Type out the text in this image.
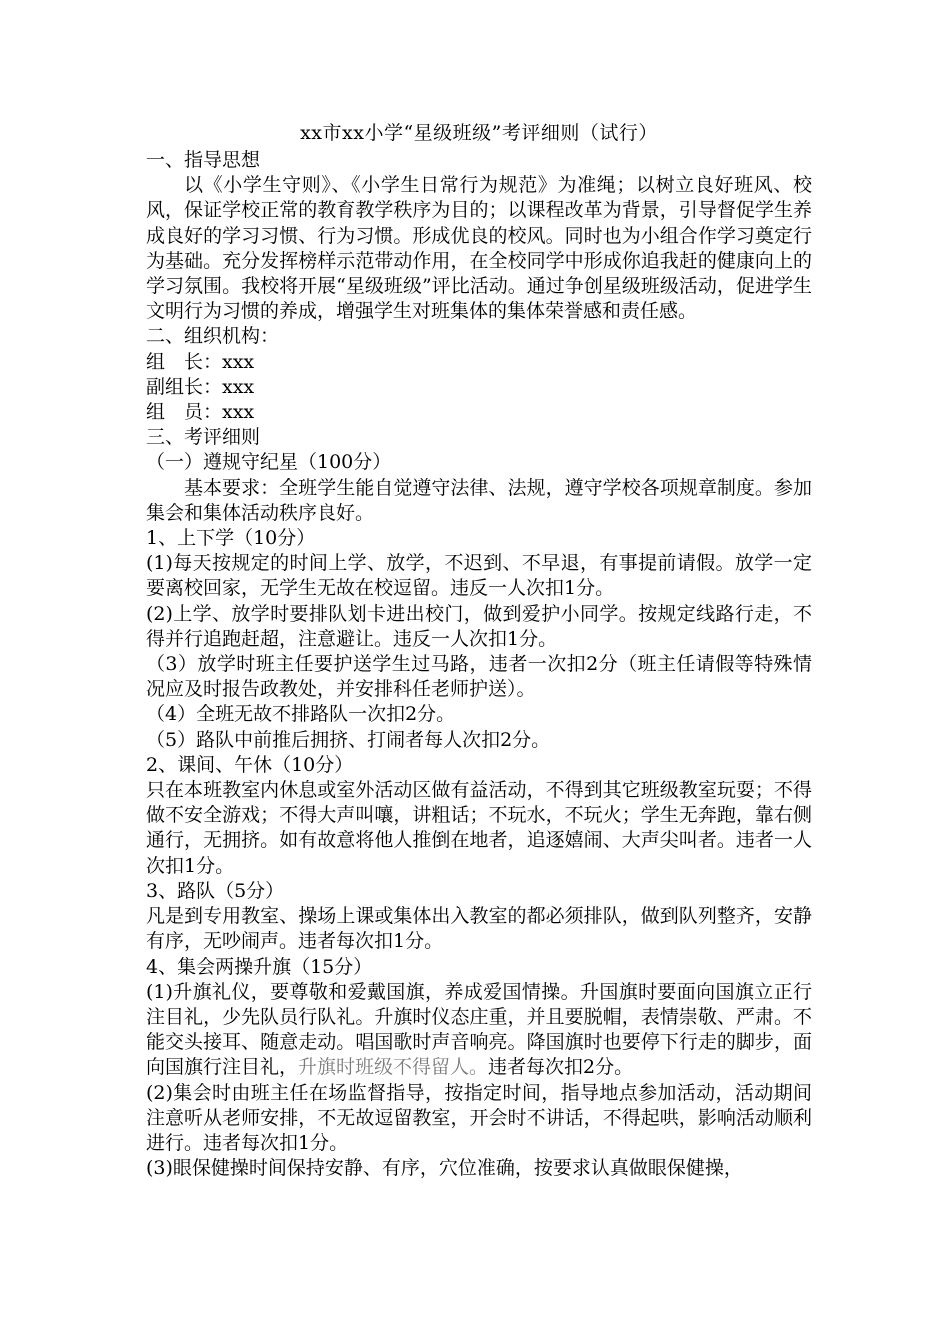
xx市xx小学“星级班级”考评细则（试行）
一、指导思想

以《小学生守则》、《小学生日常行为规范》为准绳；以树立良好班风、校风，保证学校正常的教育教学秩序为目的；以课程改革为背景，引导督促学生养成良好的学习习惯、行为习惯。形成优良的校风。同时也为小组合作学习奠定行为基础。充分发挥榜样示范带动作用，在全校同学中形成你追我赶的健康向上的学习氛围。我校将开展“星级班级”评比活动。通过争创星级班级活动，促进学生文明行为习惯的养成，增强学生对班集体的集体荣誉感和责任感。

二、组织机构：
组　长：xxx
副组长：xxx
组　员：xxx
三、考评细则
（一）遵规守纪星（100分）

基本要求：全班学生能自觉遵守法律、法规，遵守学校各项规章制度。参加集会和集体活动秩序良好。

1、上下学（10分）

(1)每天按规定的时间上学、放学，不迟到、不早退，有事提前请假。放学一定要离校回家，无学生无故在校逗留。违反一人次扣1分。

(2)上学、放学时要排队划卡进出校门，做到爱护小同学。按规定线路行走，不得并行追跑赶超，注意避让。违反一人次扣1分。

（3）放学时班主任要护送学生过马路，违者一次扣2分（班主任请假等特殊情况应及时报告政教处，并安排科任老师护送）。

（4）全班无故不排路队一次扣2分。

（5）路队中前推后拥挤、打闹者每人次扣2分。

2、课间、午休（10分）

只在本班教室内休息或室外活动区做有益活动，不得到其它班级教室玩耍；不得做不安全游戏；不得大声叫嚷，讲粗话；不玩水，不玩火；学生无奔跑，靠右侧通行，无拥挤。如有故意将他人推倒在地者，追逐嬉闹、大声尖叫者。违者一人次扣1分。

3、路队（5分）

凡是到专用教室、操场上课或集体出入教室的都必须排队，做到队列整齐，安静有序，无吵闹声。违者每次扣1分。

4、集会两操升旗（15分）

(1)升旗礼仪，要尊敬和爱戴国旗，养成爱国情操。升国旗时要面向国旗立正行注目礼，少先队员行队礼。升旗时仪态庄重，并且要脱帽，表情崇敬、严肃。不能交头接耳、随意走动。唱国歌时声音响亮。降国旗时也要停下行走的脚步，面向国旗行注目礼，升旗时班级不得留人。违者每次扣2分。

(2)集会时由班主任在场监督指导，按指定时间，指导地点参加活动，活动期间注意听从老师安排，不无故逗留教室，开会时不讲话，不得起哄，影响活动顺利进行。违者每次扣1分。

(3)眼保健操时间保持安静、有序，穴位准确，按要求认真做眼保健操，
